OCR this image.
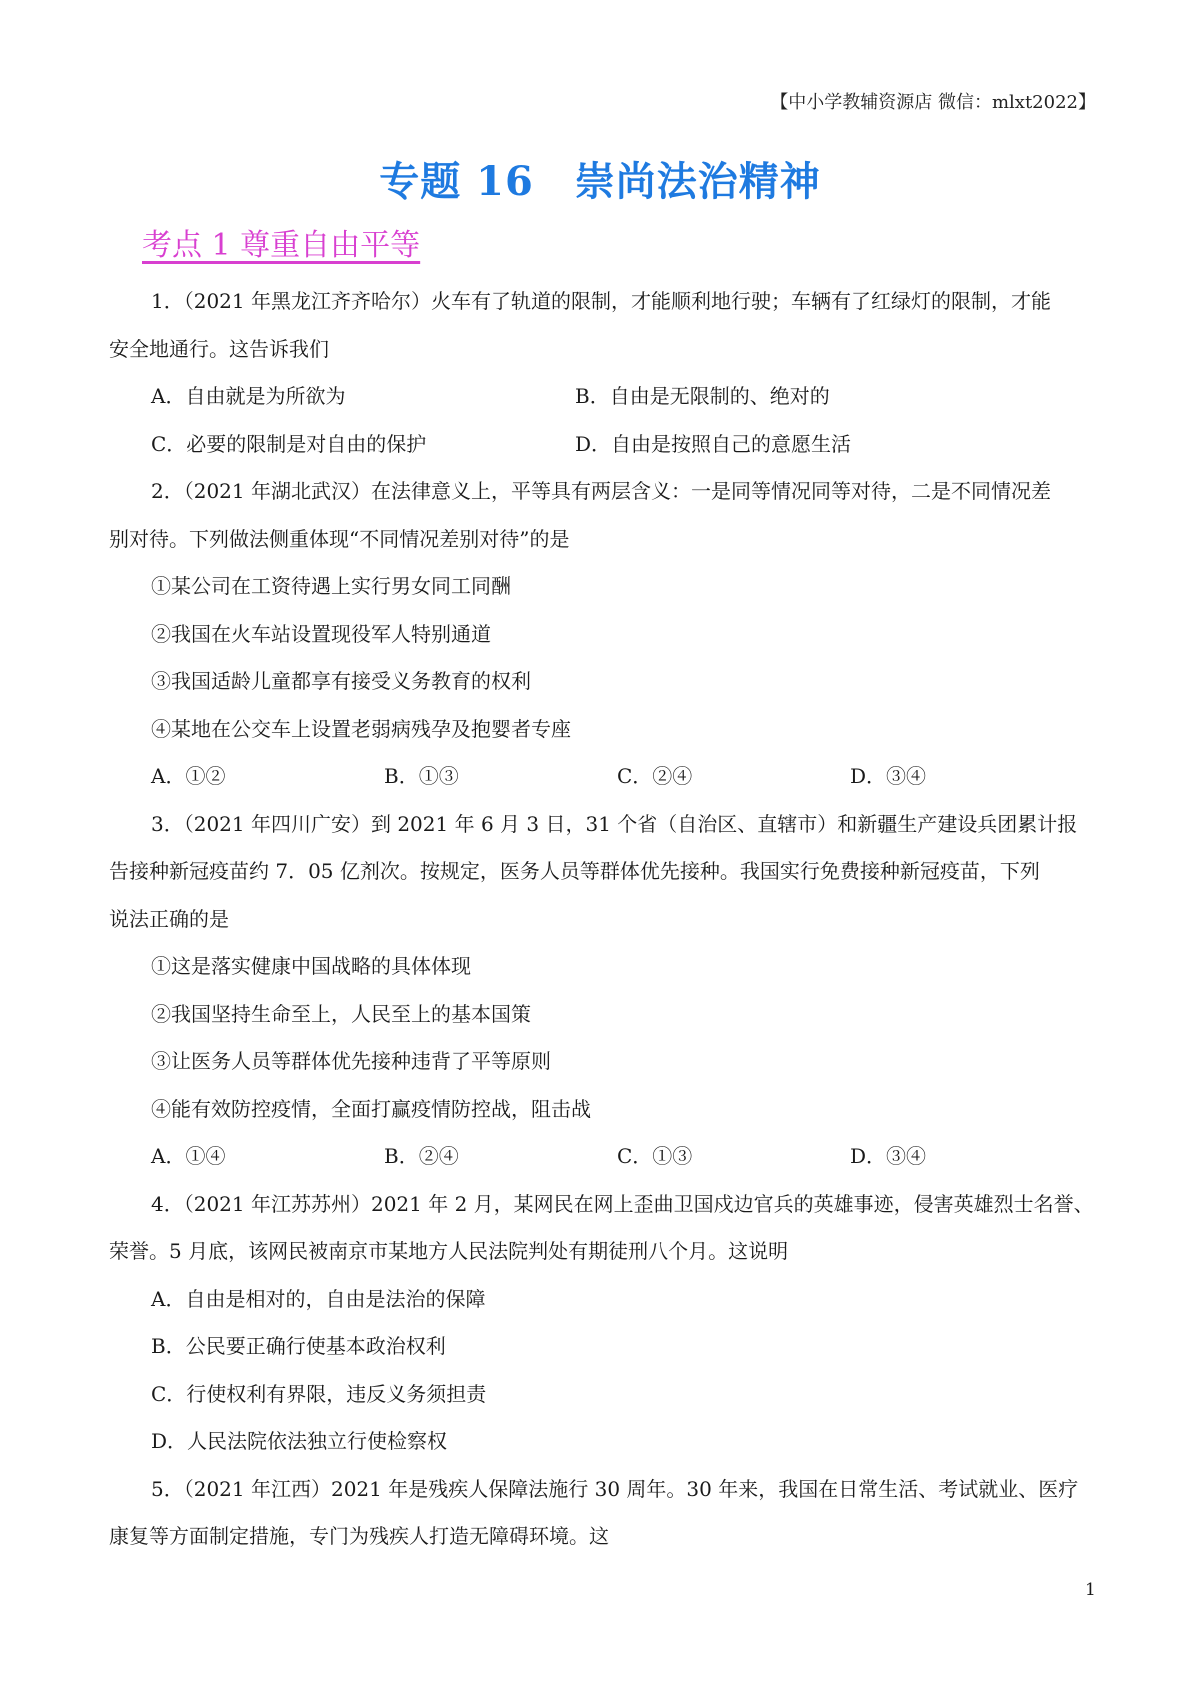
【中小学教辅资源店 微信：mlxt2022】
专题 16　崇尚法治精神
考点 1 尊重自由平等
1．（2021 年黑龙江齐齐哈尔）火车有了轨道的限制，才能顺利地行驶；车辆有了红绿灯的限制，才能
安全地通行。这告诉我们
A．自由就是为所欲为	B．自由是无限制的、绝对的
C．必要的限制是对自由的保护	D．自由是按照自己的意愿生活
2．（2021 年湖北武汉）在法律意义上，平等具有两层含义：一是同等情况同等对待，二是不同情况差
别对待。下列做法侧重体现“不同情况差别对待”的是
①某公司在工资待遇上实行男女同工同酬
②我国在火车站设置现役军人特别通道
③我国适龄儿童都享有接受义务教育的权利
④某地在公交车上设置老弱病残孕及抱婴者专座
A．①②	B．①③	C．②④	D．③④
3．（2021 年四川广安）到 2021 年 6 月 3 日，31 个省（自治区、直辖市）和新疆生产建设兵团累计报
告接种新冠疫苗约 7．05 亿剂次。按规定，医务人员等群体优先接种。我国实行免费接种新冠疫苗，下列
说法正确的是
①这是落实健康中国战略的具体体现
②我国坚持生命至上，人民至上的基本国策
③让医务人员等群体优先接种违背了平等原则
④能有效防控疫情，全面打赢疫情防控战，阻击战
A．①④	B．②④	C．①③	D．③④
4．（2021 年江苏苏州）2021 年 2 月，某网民在网上歪曲卫国戍边官兵的英雄事迹，侵害英雄烈士名誉、
荣誉。5 月底，该网民被南京市某地方人民法院判处有期徒刑八个月。这说明
A．自由是相对的，自由是法治的保障
B．公民要正确行使基本政治权利
C．行使权利有界限，违反义务须担责
D．人民法院依法独立行使检察权
5．（2021 年江西）2021 年是残疾人保障法施行 30 周年。30 年来，我国在日常生活、考试就业、医疗
康复等方面制定措施，专门为残疾人打造无障碍环境。这
1
